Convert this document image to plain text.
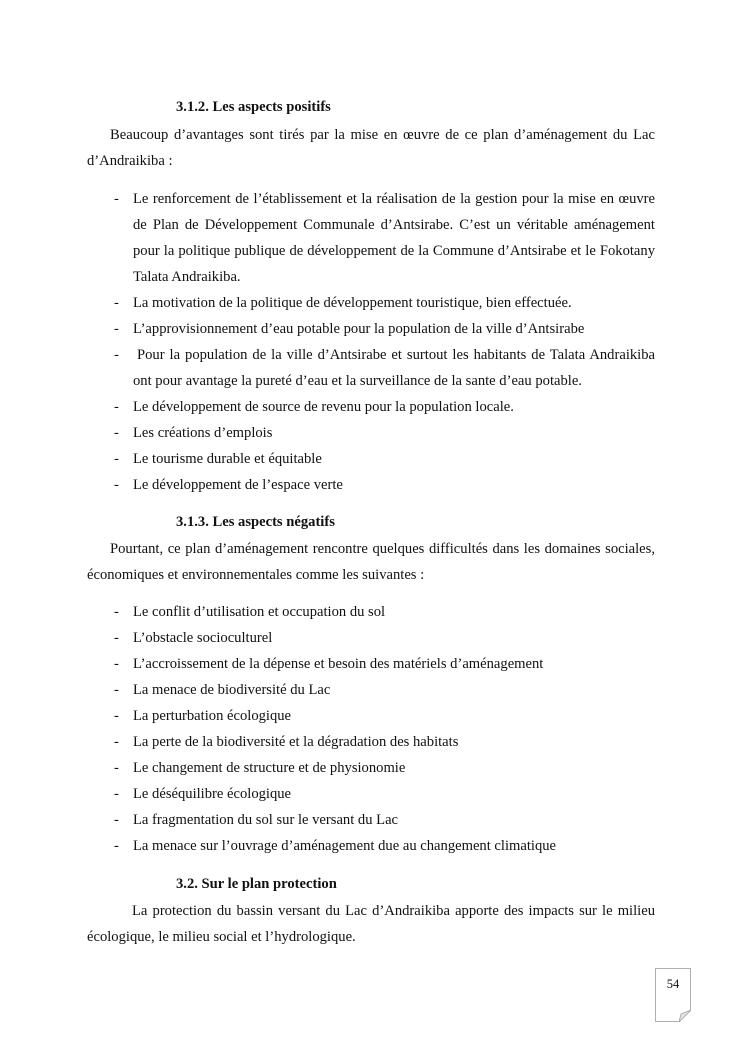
3.1.2. Les aspects positifs
Beaucoup d’avantages sont tirés par la mise en œuvre de ce plan d’aménagement du Lac
d’Andraikiba :
- Le renforcement de l’établissement et la réalisation de la gestion pour la mise en œuvre
de Plan de Développement Communale d’Antsirabe. C’est un véritable aménagement
pour la politique publique de développement de la Commune d’Antsirabe et le Fokotany
Talata Andraikiba.
- La motivation de la politique de développement touristique, bien effectuée.
- L’approvisionnement d’eau potable pour la population de la ville d’Antsirabe
- Pour la population de la ville d’Antsirabe et surtout les habitants de Talata Andraikiba
ont pour avantage la pureté d’eau et la surveillance de la sante d’eau potable.
- Le développement de source de revenu pour la population locale.
- Les créations d’emplois
- Le tourisme durable et équitable
- Le développement de l’espace verte
3.1.3. Les aspects négatifs
Pourtant, ce plan d’aménagement rencontre quelques difficultés dans les domaines sociales,
économiques et environnementales comme les suivantes :
- Le conflit d’utilisation et occupation du sol
- L’obstacle socioculturel
- L’accroissement de la dépense et besoin des matériels d’aménagement
- La menace de biodiversité du Lac
- La perturbation écologique
- La perte de la biodiversité et la dégradation des habitats
- Le changement de structure et de physionomie
- Le déséquilibre écologique
- La fragmentation du sol sur le versant du Lac
- La menace sur l’ouvrage d’aménagement due au changement climatique
3.2. Sur le plan protection
La protection du bassin versant du Lac d’Andraikiba apporte des impacts sur le milieu
écologique, le milieu social et l’hydrologique.
54
